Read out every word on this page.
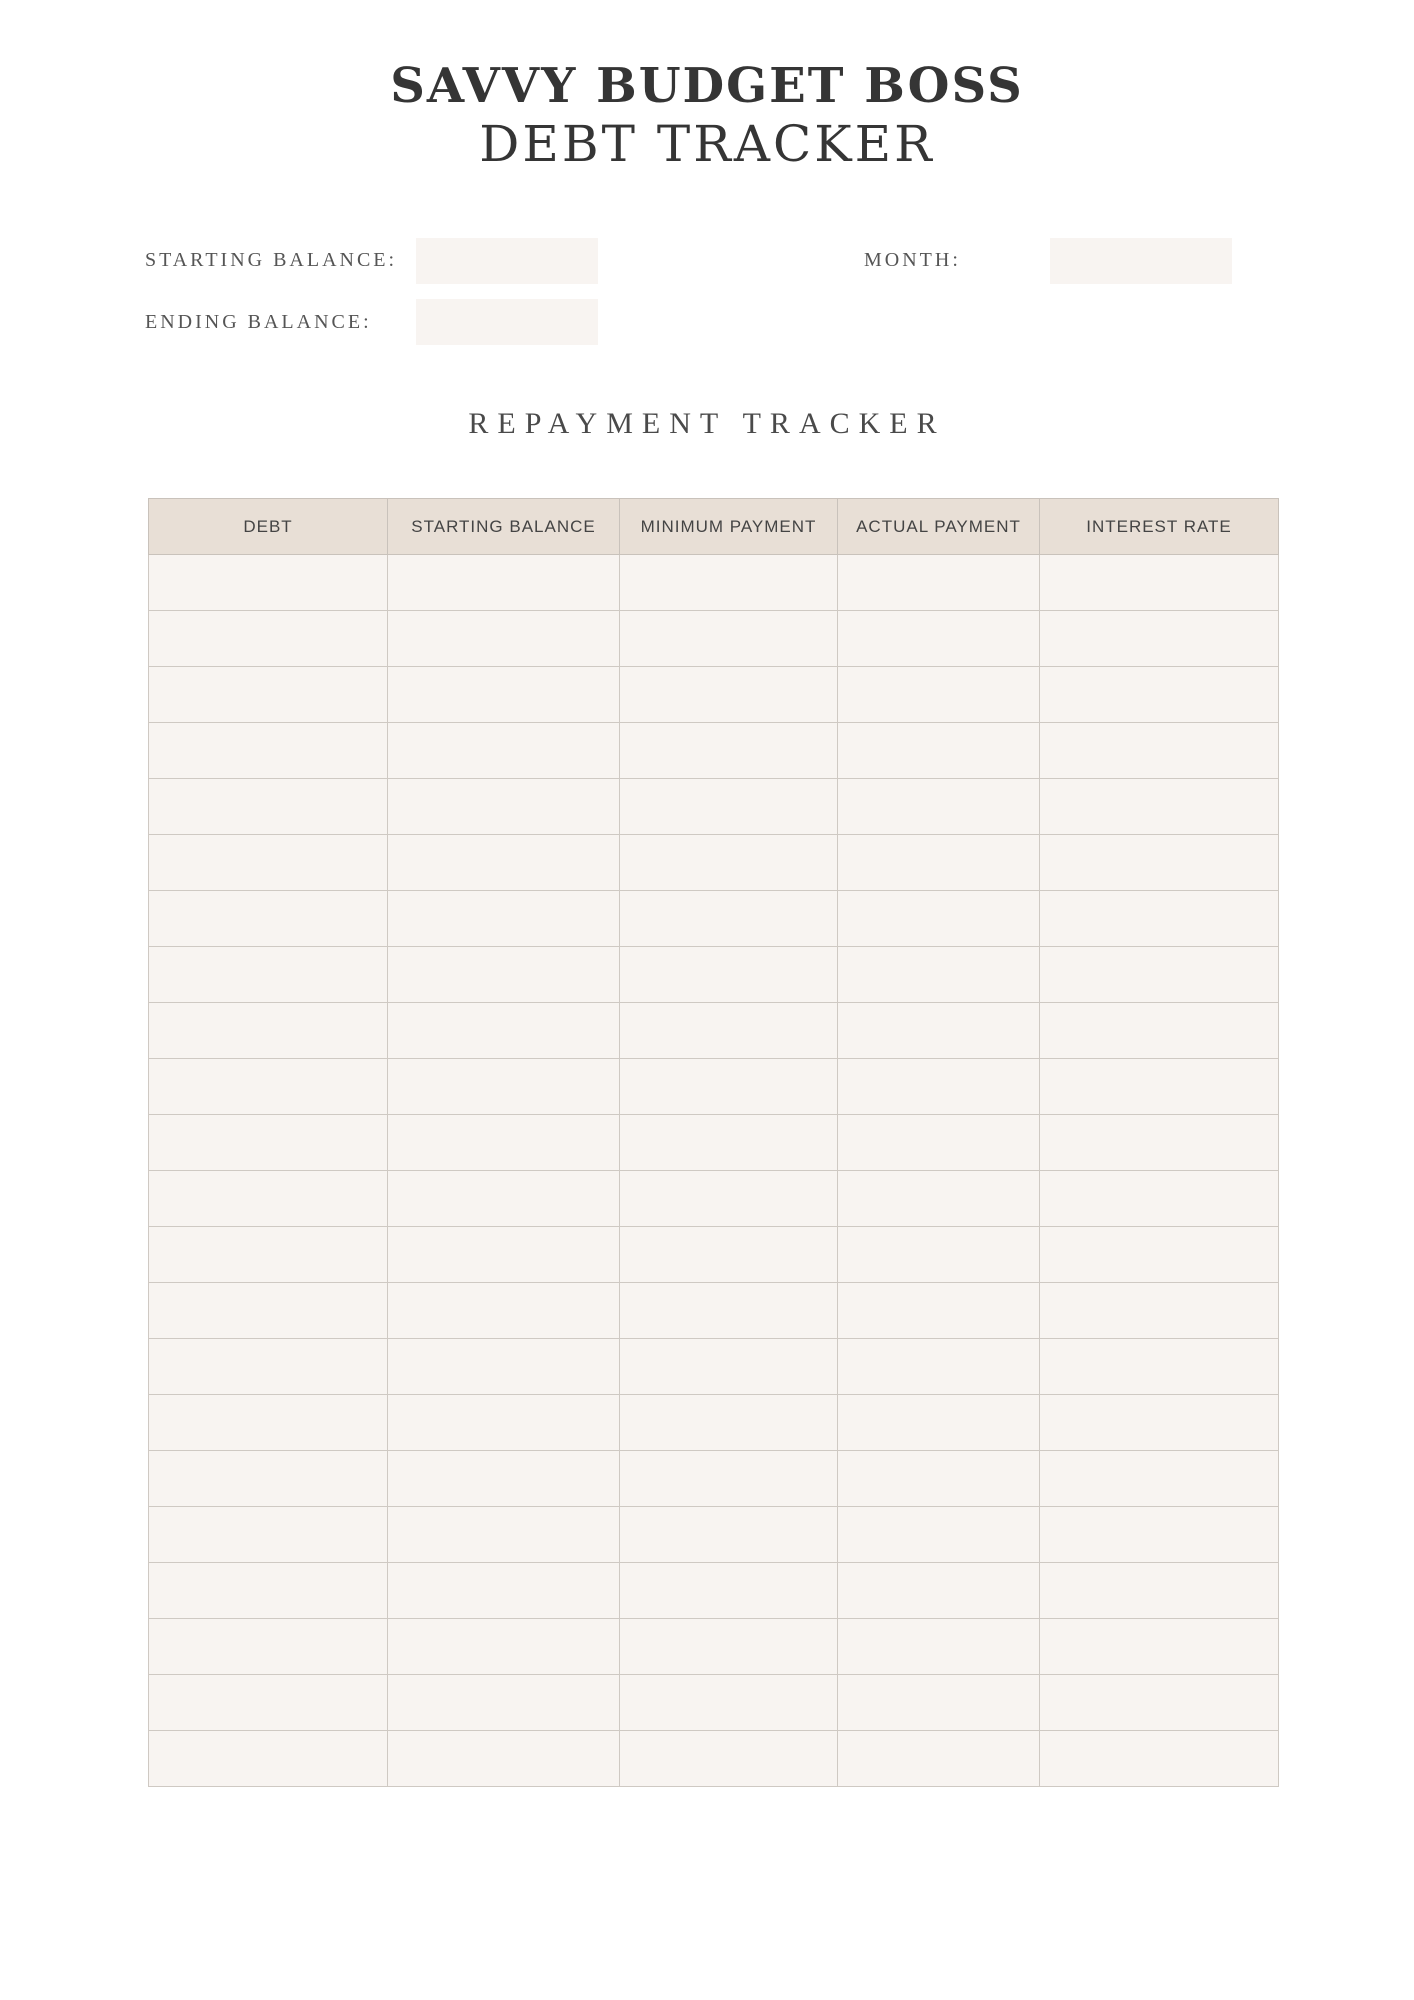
SAVVY BUDGET BOSS
DEBT TRACKER
STARTING BALANCE:
ENDING BALANCE:
MONTH:
REPAYMENT TRACKER
DEBT	STARTING BALANCE	MINIMUM PAYMENT	ACTUAL PAYMENT	INTEREST RATE
